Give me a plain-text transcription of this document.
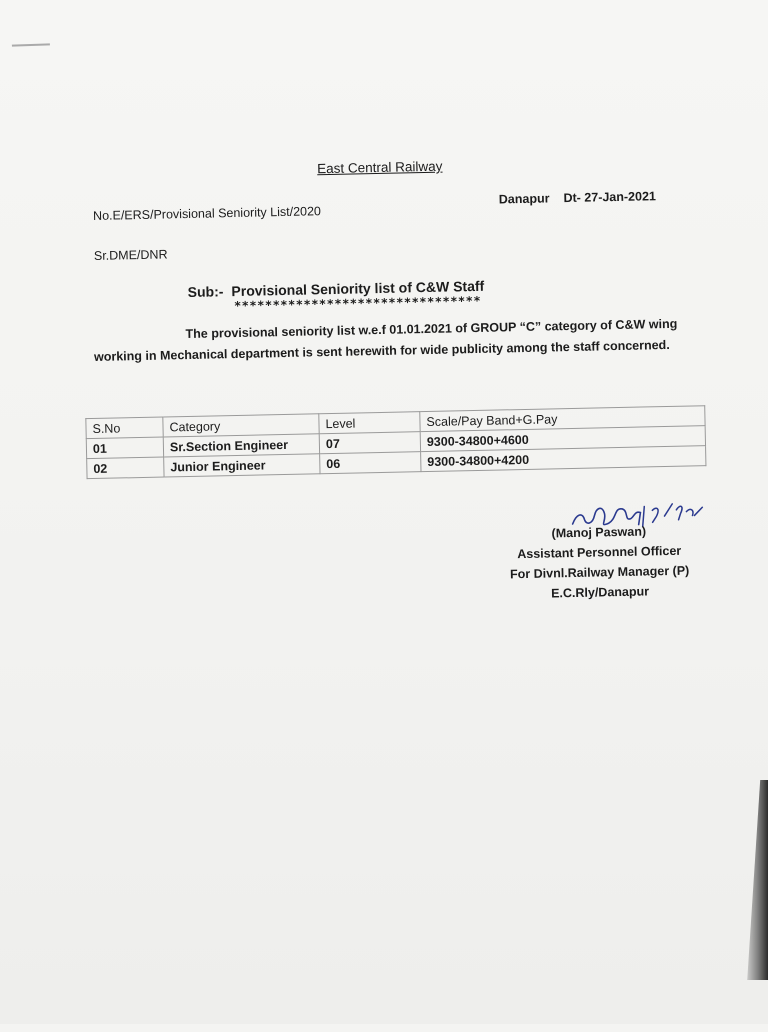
East Central Railway
No.E/ERS/Provisional Seniority List/2020
Danapur Dt- 27-Jan-2021
Sr.DME/DNR
Sub:- Provisional Seniority list of C&W Staff
********************************
The provisional seniority list w.e.f 01.01.2021 of GROUP “C” category of C&W wing working in Mechanical department is sent herewith for wide publicity among the staff concerned.
S.No	Category	Level	Scale/Pay Band+G.Pay
01	Sr.Section Engineer	07	9300-34800+4600
02	Junior Engineer	06	9300-34800+4200
(Manoj Paswan)
Assistant Personnel Officer
For Divnl.Railway Manager (P)
E.C.Rly/Danapur
